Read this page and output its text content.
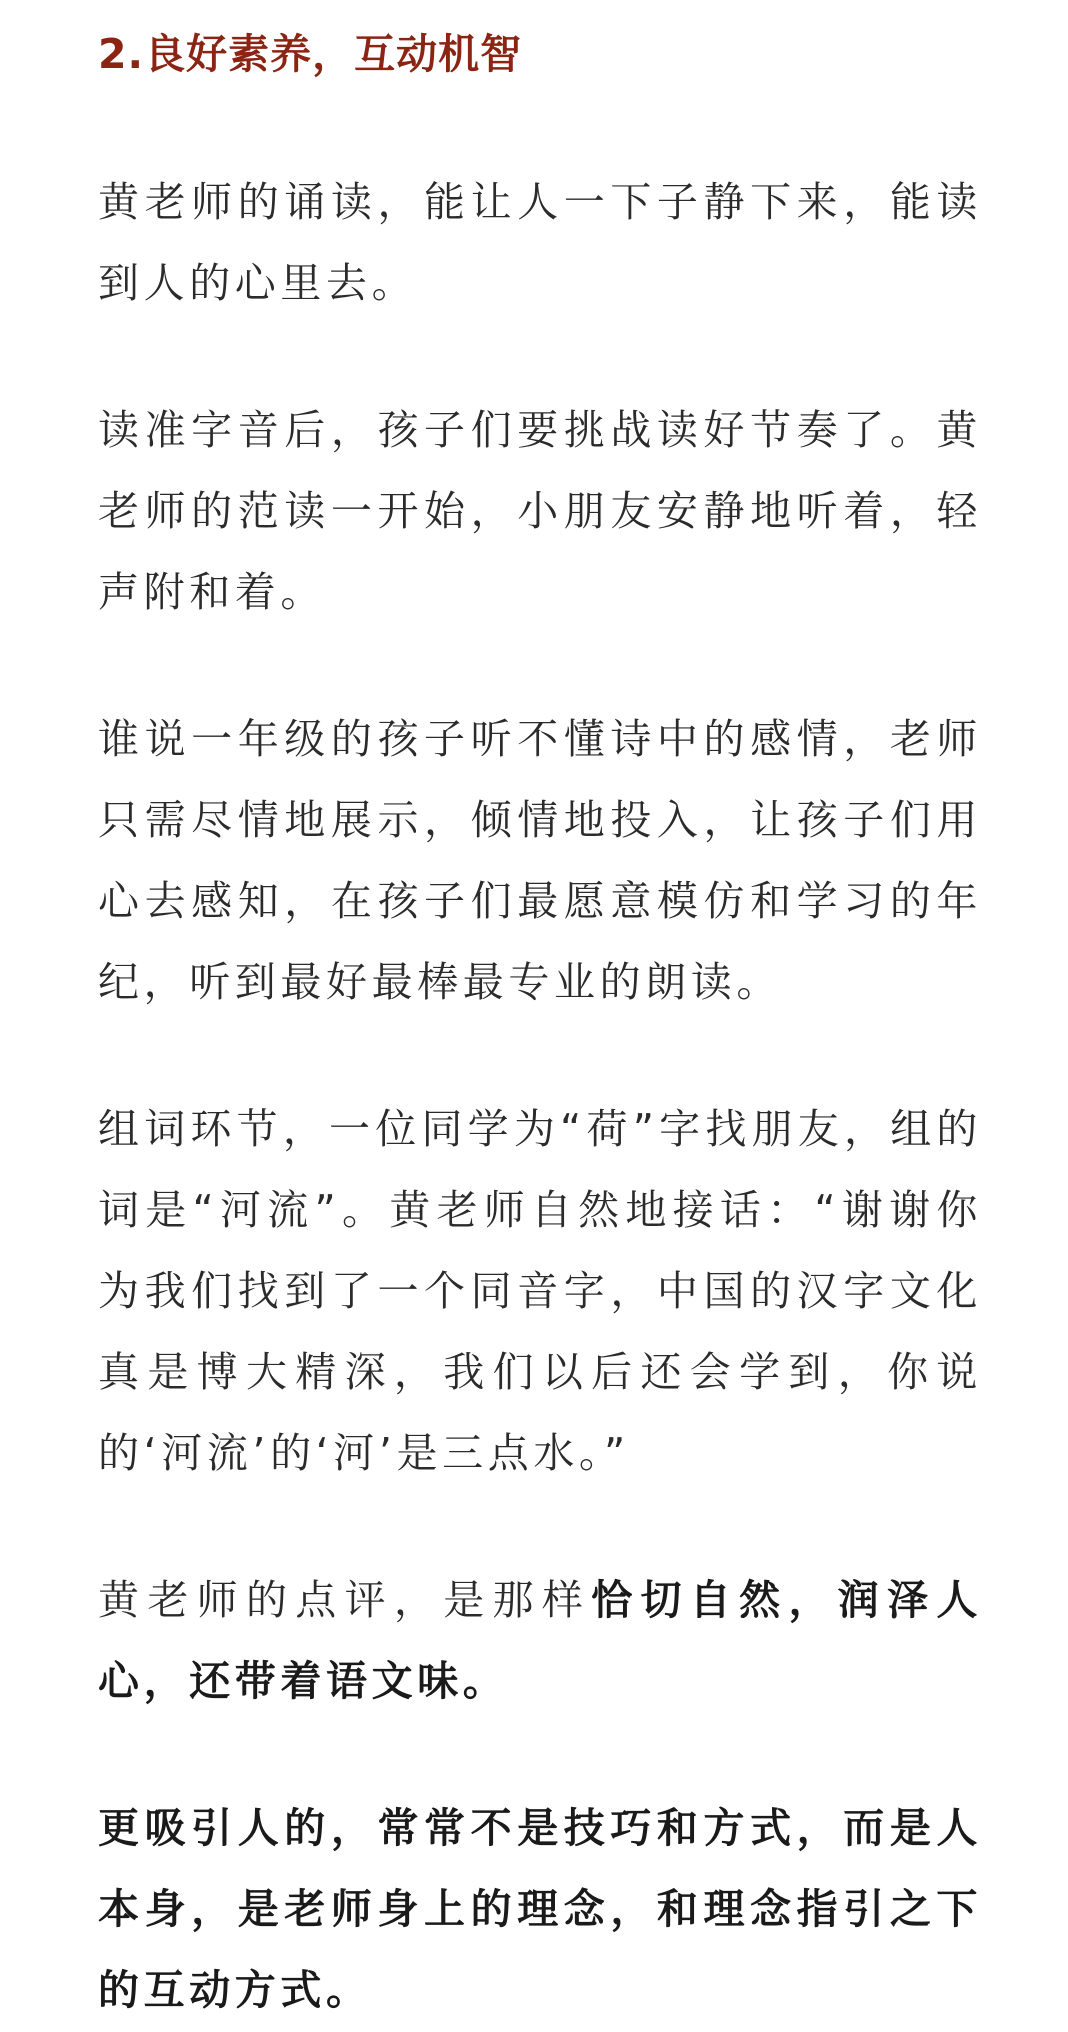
2.良好素养，互动机智

黄老师的诵读，能让人一下子静下来，能读到人的心里去。

读准字音后，孩子们要挑战读好节奏了。黄老师的范读一开始，小朋友安静地听着，轻声附和着。

谁说一年级的孩子听不懂诗中的感情，老师只需尽情地展示，倾情地投入，让孩子们用心去感知，在孩子们最愿意模仿和学习的年纪，听到最好最棒最专业的朗读。

组词环节，一位同学为“荷”字找朋友，组的词是“河流”。黄老师自然地接话：“谢谢你为我们找到了一个同音字，中国的汉字文化真是博大精深，我们以后还会学到，你说的‘河流’的‘河’是三点水。”

黄老师的点评，是那样恰切自然，润泽人心，还带着语文味。

更吸引人的，常常不是技巧和方式，而是人本身，是老师身上的理念，和理念指引之下的互动方式。
